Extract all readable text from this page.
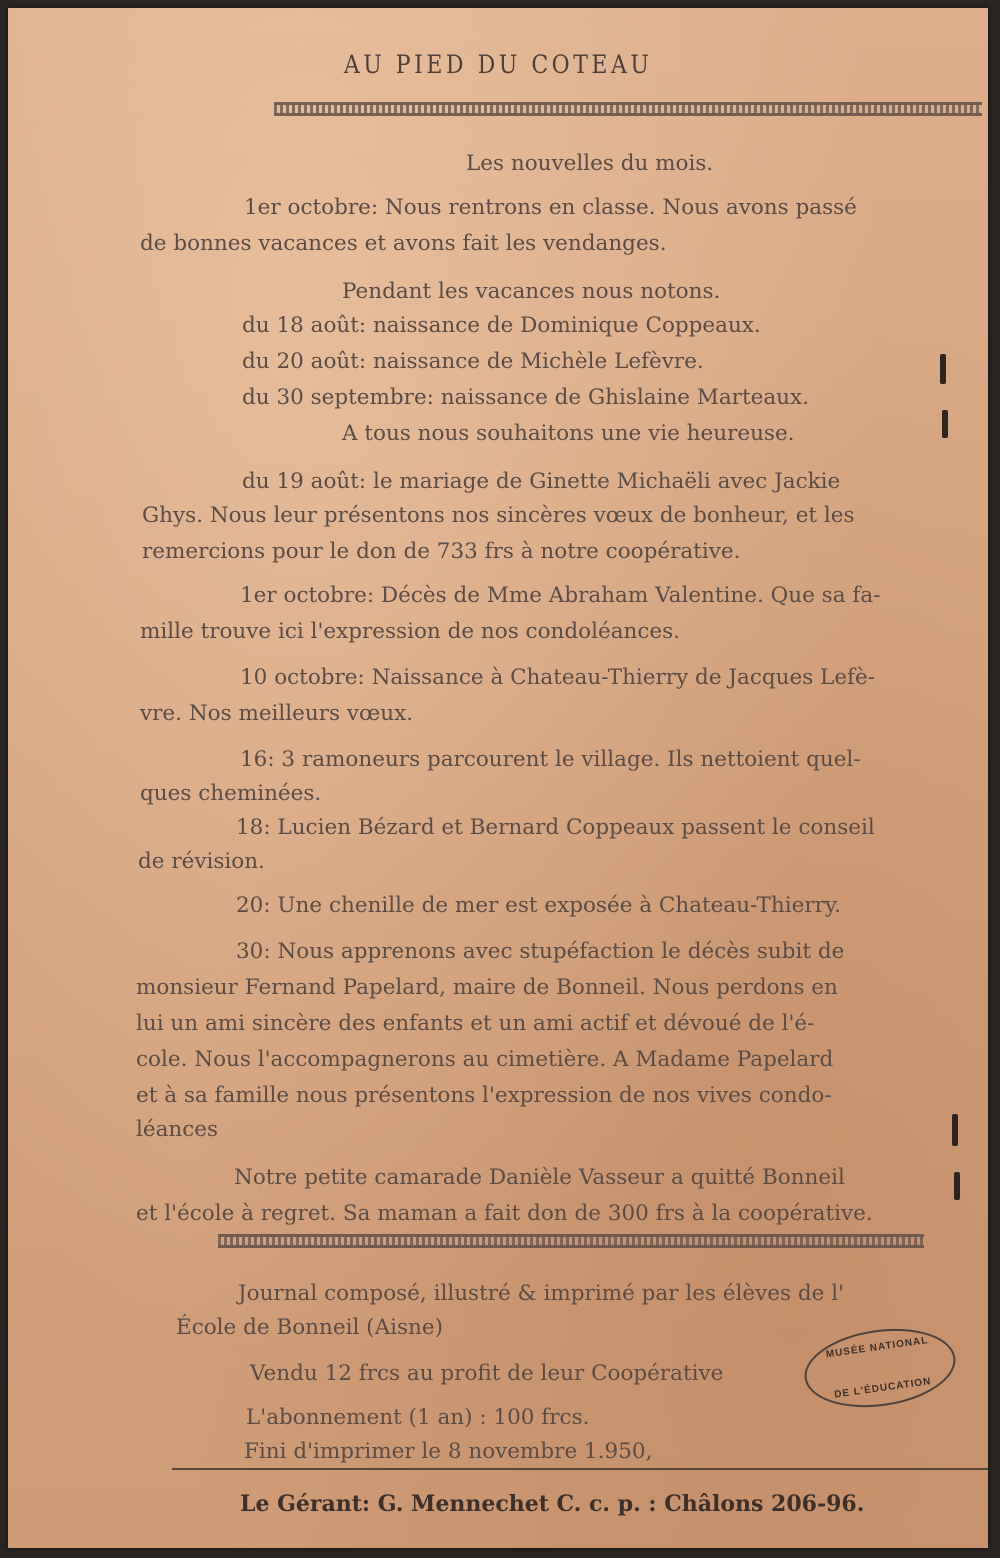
AU PIED DU COTEAU
Les nouvelles du mois.
1er octobre: Nous rentrons en classe. Nous avons passé
de bonnes vacances et avons fait les vendanges.
Pendant les vacances nous notons.
du 18 août: naissance de Dominique Coppeaux.
du 20 août: naissance de Michèle Lefèvre.
du 30 septembre: naissance de Ghislaine Marteaux.
A tous nous souhaitons une vie heureuse.
du 19 août: le mariage de Ginette Michaëli avec Jackie
Ghys. Nous leur présentons nos sincères vœux de bonheur, et les
remercions pour le don de 733 frs à notre coopérative.
1er octobre: Décès de Mme Abraham Valentine. Que sa fa-
mille trouve ici l'expression de nos condoléances.
10 octobre: Naissance à Chateau-Thierry de Jacques Lefè-
vre. Nos meilleurs vœux.
16: 3 ramoneurs parcourent le village. Ils nettoient quel-
ques cheminées.
18: Lucien Bézard et Bernard Coppeaux passent le conseil
de révision.
20: Une chenille de mer est exposée à Chateau-Thierry.
30: Nous apprenons avec stupéfaction le décès subit de
monsieur Fernand Papelard, maire de Bonneil. Nous perdons en
lui un ami sincère des enfants et un ami actif et dévoué de l'é-
cole. Nous l'accompagnerons au cimetière. A Madame Papelard
et à sa famille nous présentons l'expression de nos vives condo-
léances
Notre petite camarade Danièle Vasseur a quitté Bonneil
et l'école à regret. Sa maman a fait don de 300 frs à la coopérative.
Journal composé, illustré & imprimé par les élèves de l'
École de Bonneil (Aisne)
Vendu 12 frcs au profit de leur Coopérative
L'abonnement (1 an) : 100 frcs.
Fini d'imprimer le 8 novembre 1.950,
Le Gérant: G. Mennechet C. c. p. : Châlons 206-96.
MUSÉE NATIONAL
DE L'ÉDUCATION
